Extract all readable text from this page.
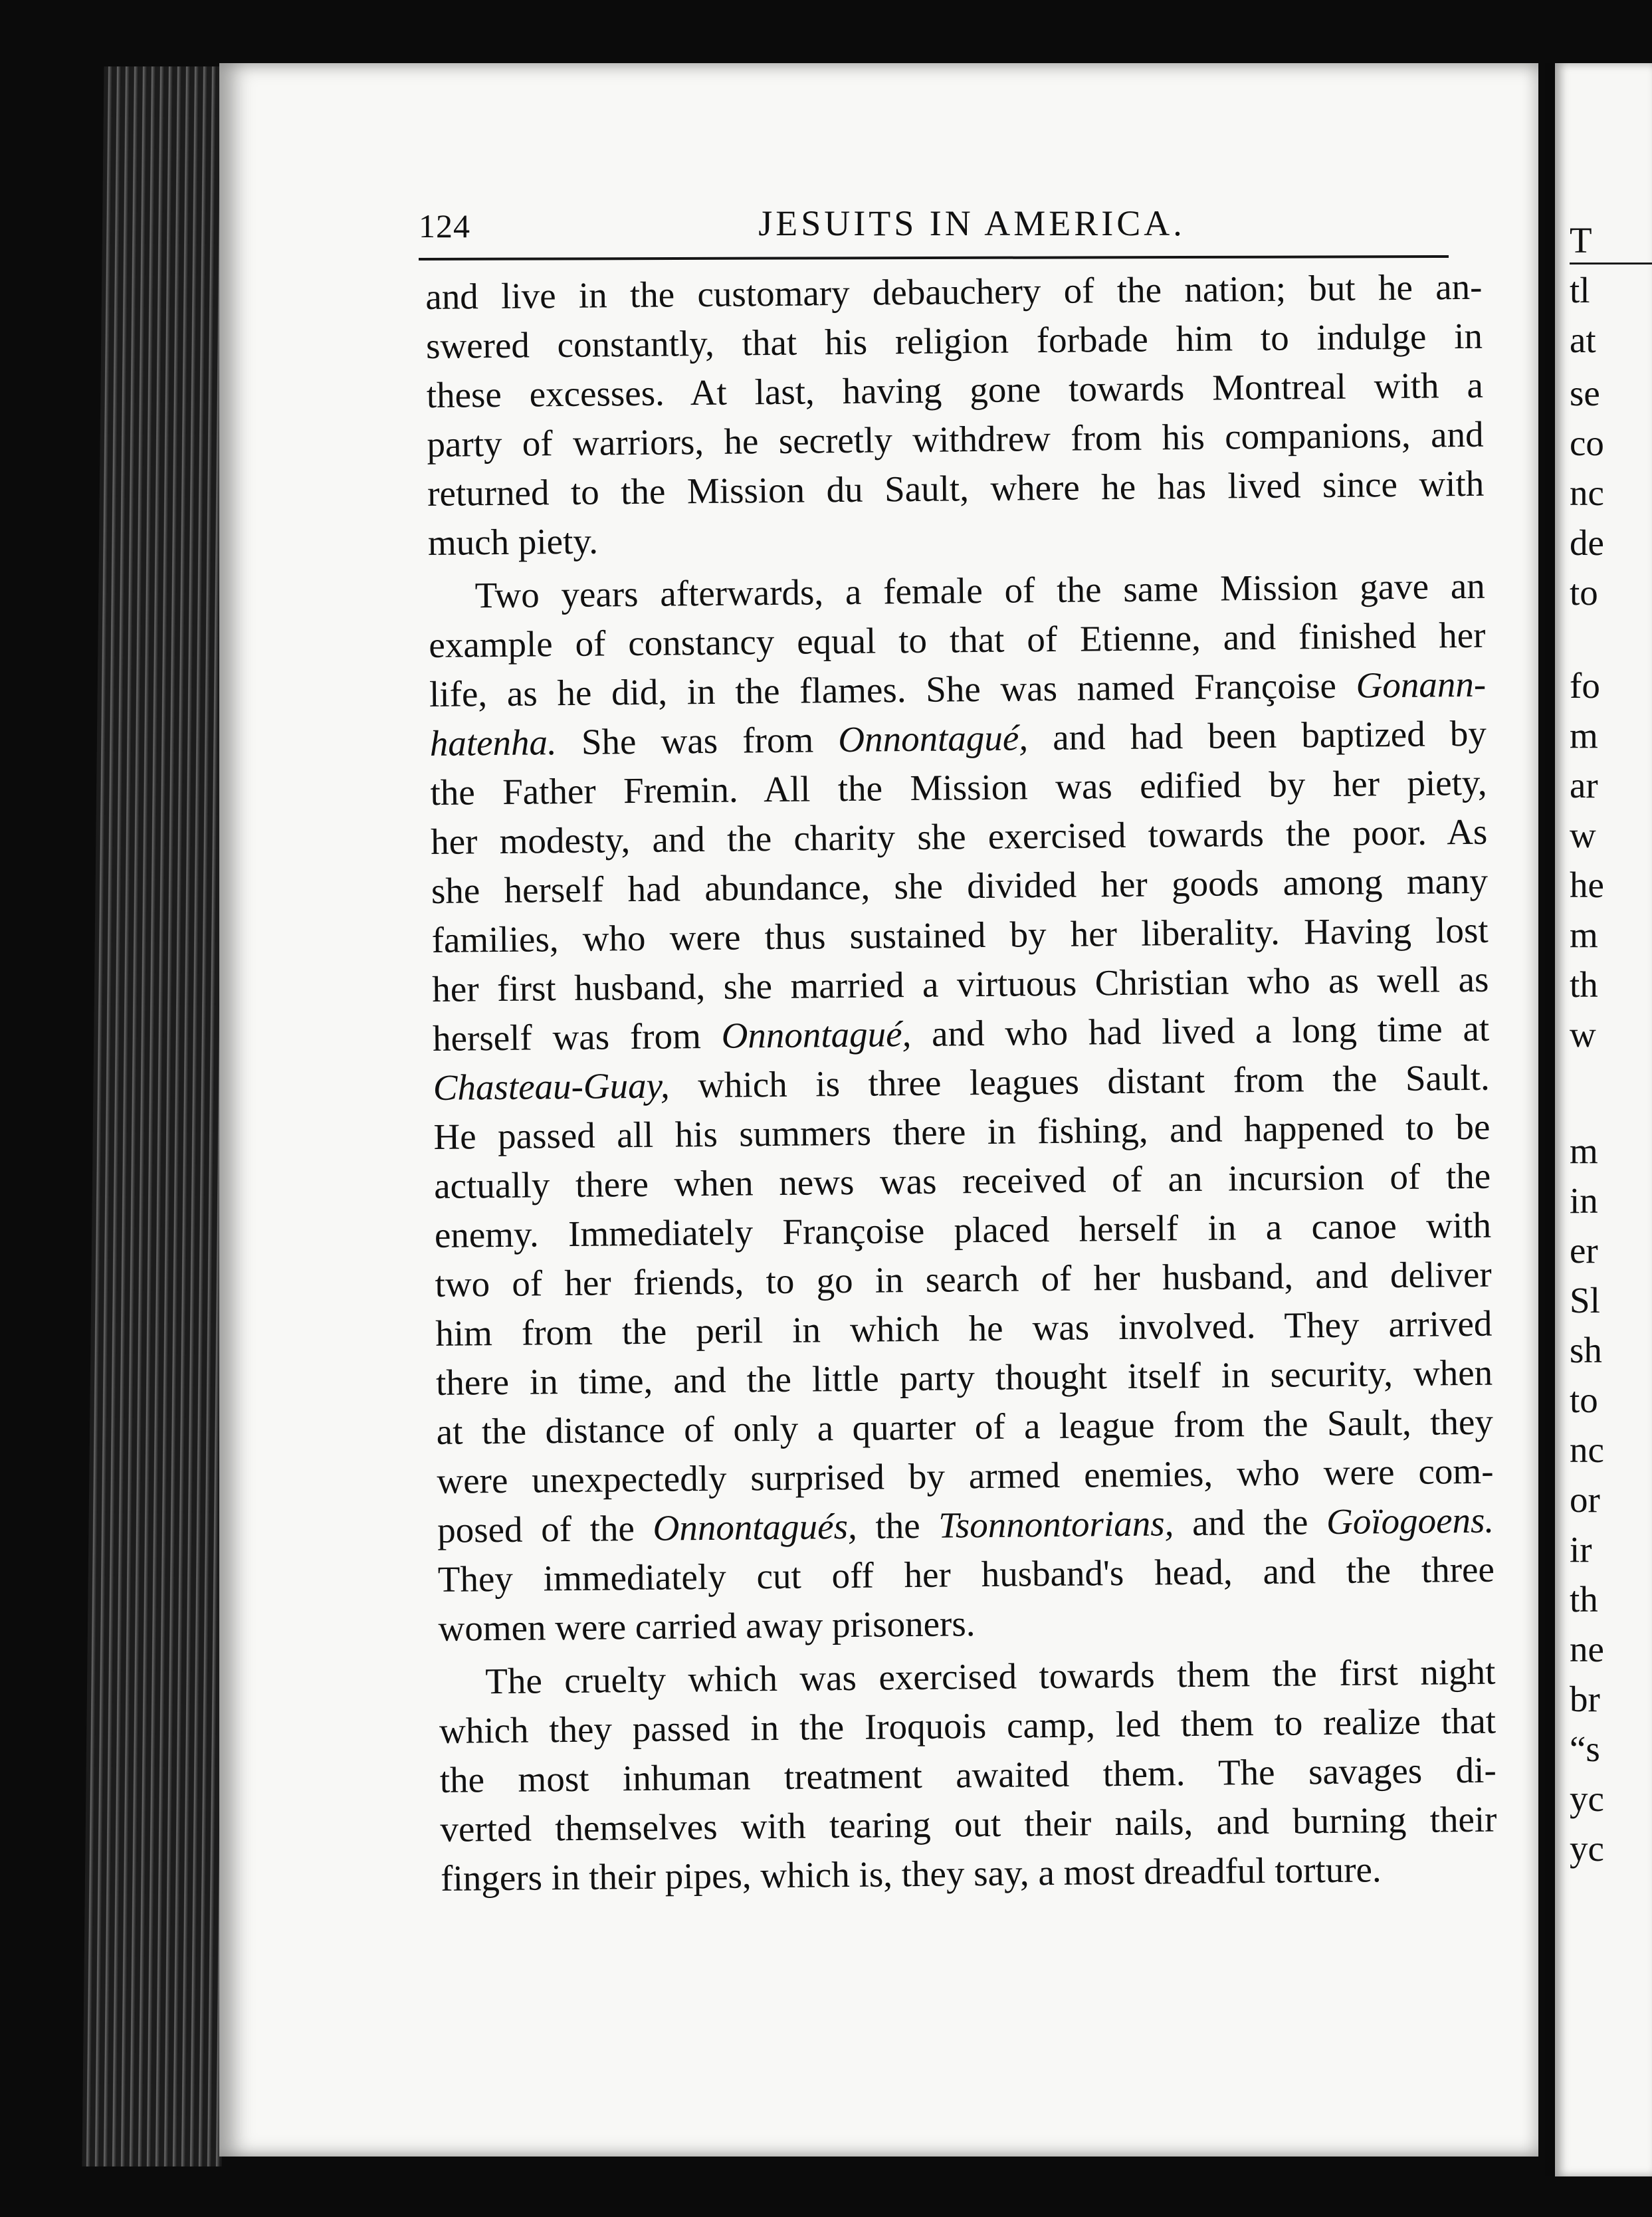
T
tl
at
se
co
nc
de
to
fo
m
ar
w
he
m
th
w
m
in
er
Sl
sh
to
nc
or
ir
th
ne
br
“s
yc
yc
124	JESUITS IN AMERICA.
and live in the customary debauchery of the nation; but he an-
swered constantly, that his religion forbade him to indulge in
these excesses. At last, having gone towards Montreal with a
party of warriors, he secretly withdrew from his companions, and
returned to the Mission du Sault, where he has lived since with
much piety.
Two years afterwards, a female of the same Mission gave an
example of constancy equal to that of Etienne, and finished her
life, as he did, in the flames. She was named Françoise Gonann-
hatenha. She was from Onnontagué, and had been baptized by
the Father Fremin. All the Mission was edified by her piety,
her modesty, and the charity she exercised towards the poor. As
she herself had abundance, she divided her goods among many
families, who were thus sustained by her liberality. Having lost
her first husband, she married a virtuous Christian who as well as
herself was from Onnontagué, and who had lived a long time at
Chasteau-Guay, which is three leagues distant from the Sault.
He passed all his summers there in fishing, and happened to be
actually there when news was received of an incursion of the
enemy. Immediately Françoise placed herself in a canoe with
two of her friends, to go in search of her husband, and deliver
him from the peril in which he was involved. They arrived
there in time, and the little party thought itself in security, when
at the distance of only a quarter of a league from the Sault, they
were unexpectedly surprised by armed enemies, who were com-
posed of the Onnontagués, the Tsonnontorians, and the Goïogoens.
They immediately cut off her husband's head, and the three
women were carried away prisoners.
The cruelty which was exercised towards them the first night
which they passed in the Iroquois camp, led them to realize that
the most inhuman treatment awaited them. The savages di-
verted themselves with tearing out their nails, and burning their
fingers in their pipes, which is, they say, a most dreadful torture.
